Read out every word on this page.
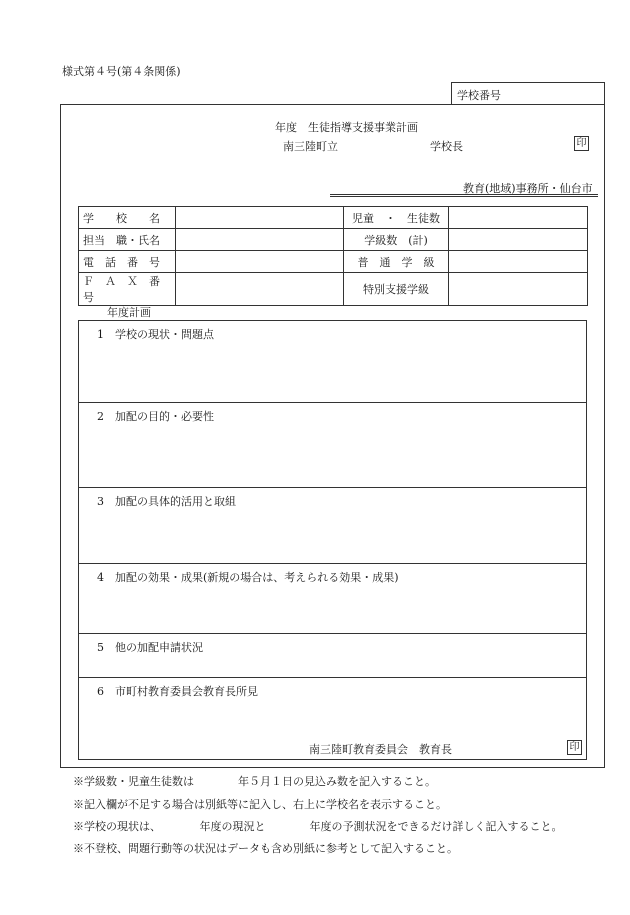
様式第４号(第４条関係)
学校番号
年度　生徒指導支援事業計画
南三陸町立	学校長	印
教育(地域)事務所・仙台市
学　　校　　名		児童　・　生徒数	
担当　職・氏名		学級数　(計)	
電　話　番　号		普　通　学　級	
Ｆ　Ａ　Ｘ　番　号		特別支援学級	
年度計画
1　学校の現状・問題点
2　加配の目的・必要性
3　加配の具体的活用と取組
4　加配の効果・成果(新規の場合は、考えられる効果・成果)
5　他の加配申請状況
6　市町村教育委員会教育長所見
南三陸町教育委員会　教育長	印
※学級数・児童生徒数は　　　　年５月１日の見込み数を記入すること。
※記入欄が不足する場合は別紙等に記入し、右上に学校名を表示すること。
※学校の現状は、　　　　年度の現況と　　　　年度の予測状況をできるだけ詳しく記入すること。
※不登校、問題行動等の状況はデータも含め別紙に参考として記入すること。
